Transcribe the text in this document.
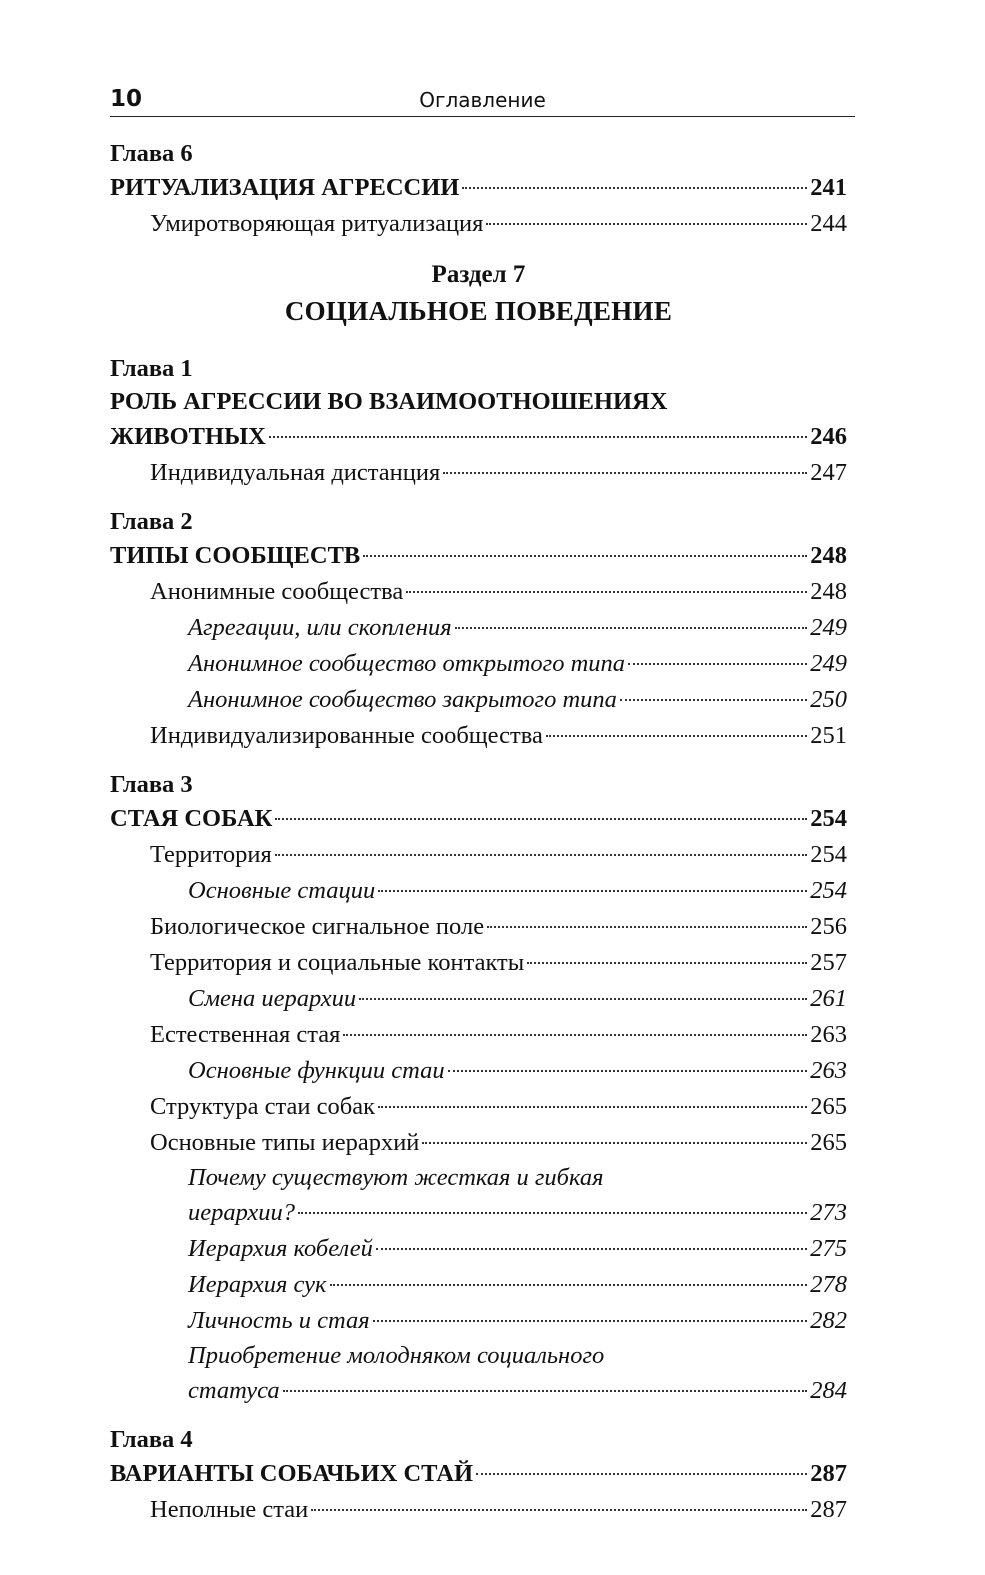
10	Оглавление
Глава 6
РИТУАЛИЗАЦИЯ АГРЕССИИ	241
Умиротворяющая ритуализация	244
Раздел 7
СОЦИАЛЬНОЕ ПОВЕДЕНИЕ
Глава 1
РОЛЬ АГРЕССИИ ВО ВЗАИМООТНОШЕНИЯХ
ЖИВОТНЫХ	246
Индивидуальная дистанция	247
Глава 2
ТИПЫ СООБЩЕСТВ	248
Анонимные сообщества	248
Агрегации, или скопления	249
Анонимное сообщество открытого типа	249
Анонимное сообщество закрытого типа	250
Индивидуализированные сообщества	251
Глава 3
СТАЯ СОБАК	254
Территория	254
Основные стации	254
Биологическое сигнальное поле	256
Территория и социальные контакты	257
Смена иерархии	261
Естественная стая	263
Основные функции стаи	263
Структура стаи собак	265
Основные типы иерархий	265
Почему существуют жесткая и гибкая
иерархии?	273
Иерархия кобелей	275
Иерархия сук	278
Личность и стая	282
Приобретение молодняком социального
статуса	284
Глава 4
ВАРИАНТЫ СОБАЧЬИХ СТАЙ	287
Неполные стаи	287
